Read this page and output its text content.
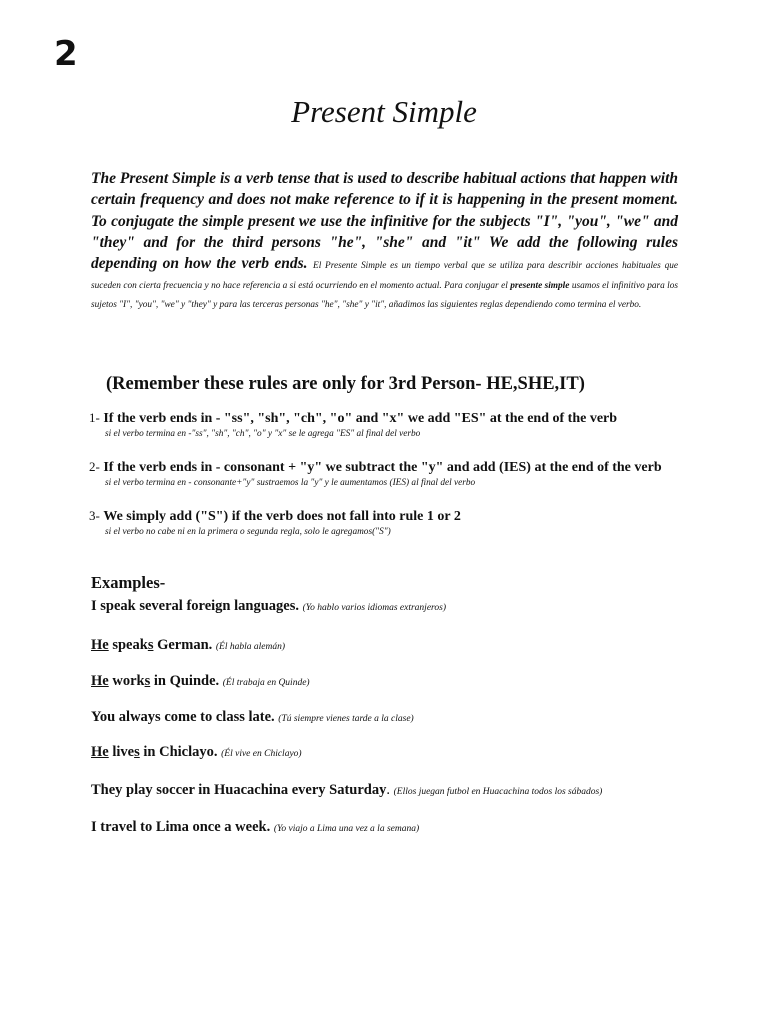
2
Present Simple
The Present Simple is a verb tense that is used to describe habitual actions that happen with certain frequency and does not make reference to if it is happening in the present moment. To conjugate the simple present we use the infinitive for the subjects "I", "you", "we" and "they" and for the third persons "he", "she" and "it" We add the following rules depending on how the verb ends. El Presente Simple es un tiempo verbal que se utiliza para describir acciones habituales que suceden con cierta frecuencia y no hace referencia a si está ocurriendo en el momento actual. Para conjugar el presente simple usamos el infinitivo para los sujetos "I", "you", "we" y "they" y para las terceras personas "he", "she" y "it", añadimos las siguientes reglas dependiendo como termina el verbo.
(Remember these rules are only for 3rd Person- HE,SHE,IT)
1- If the verb ends in - "ss", "sh", "ch", "o" and "x" we add "ES" at the end of the verb
si el verbo termina en -"ss", "sh", "ch", "o" y "x" se le agrega "ES" al final del verbo
2- If the verb ends in - consonant + "y" we subtract the "y" and add (IES) at the end of the verb
si el verbo termina en - consonante+"y" sustraemos la "y" y le aumentamos (IES) al final del verbo
3- We simply add ("S") if the verb does not fall into rule 1 or 2
si el verbo no cabe ni en la primera o segunda regla, solo le agregamos("S")
Examples-
I speak several foreign languages. (Yo hablo varios idiomas extranjeros)
He speaks German. (Él habla alemán)
He works in Quinde. (Él trabaja en Quinde)
You always come to class late. (Tú siempre vienes tarde a la clase)
He lives in Chiclayo. (Él vive en Chiclayo)
They play soccer in Huacachina every Saturday. (Ellos juegan futbol en Huacachina todos los sábados)
I travel to Lima once a week. (Yo viajo a Lima una vez a la semana)
